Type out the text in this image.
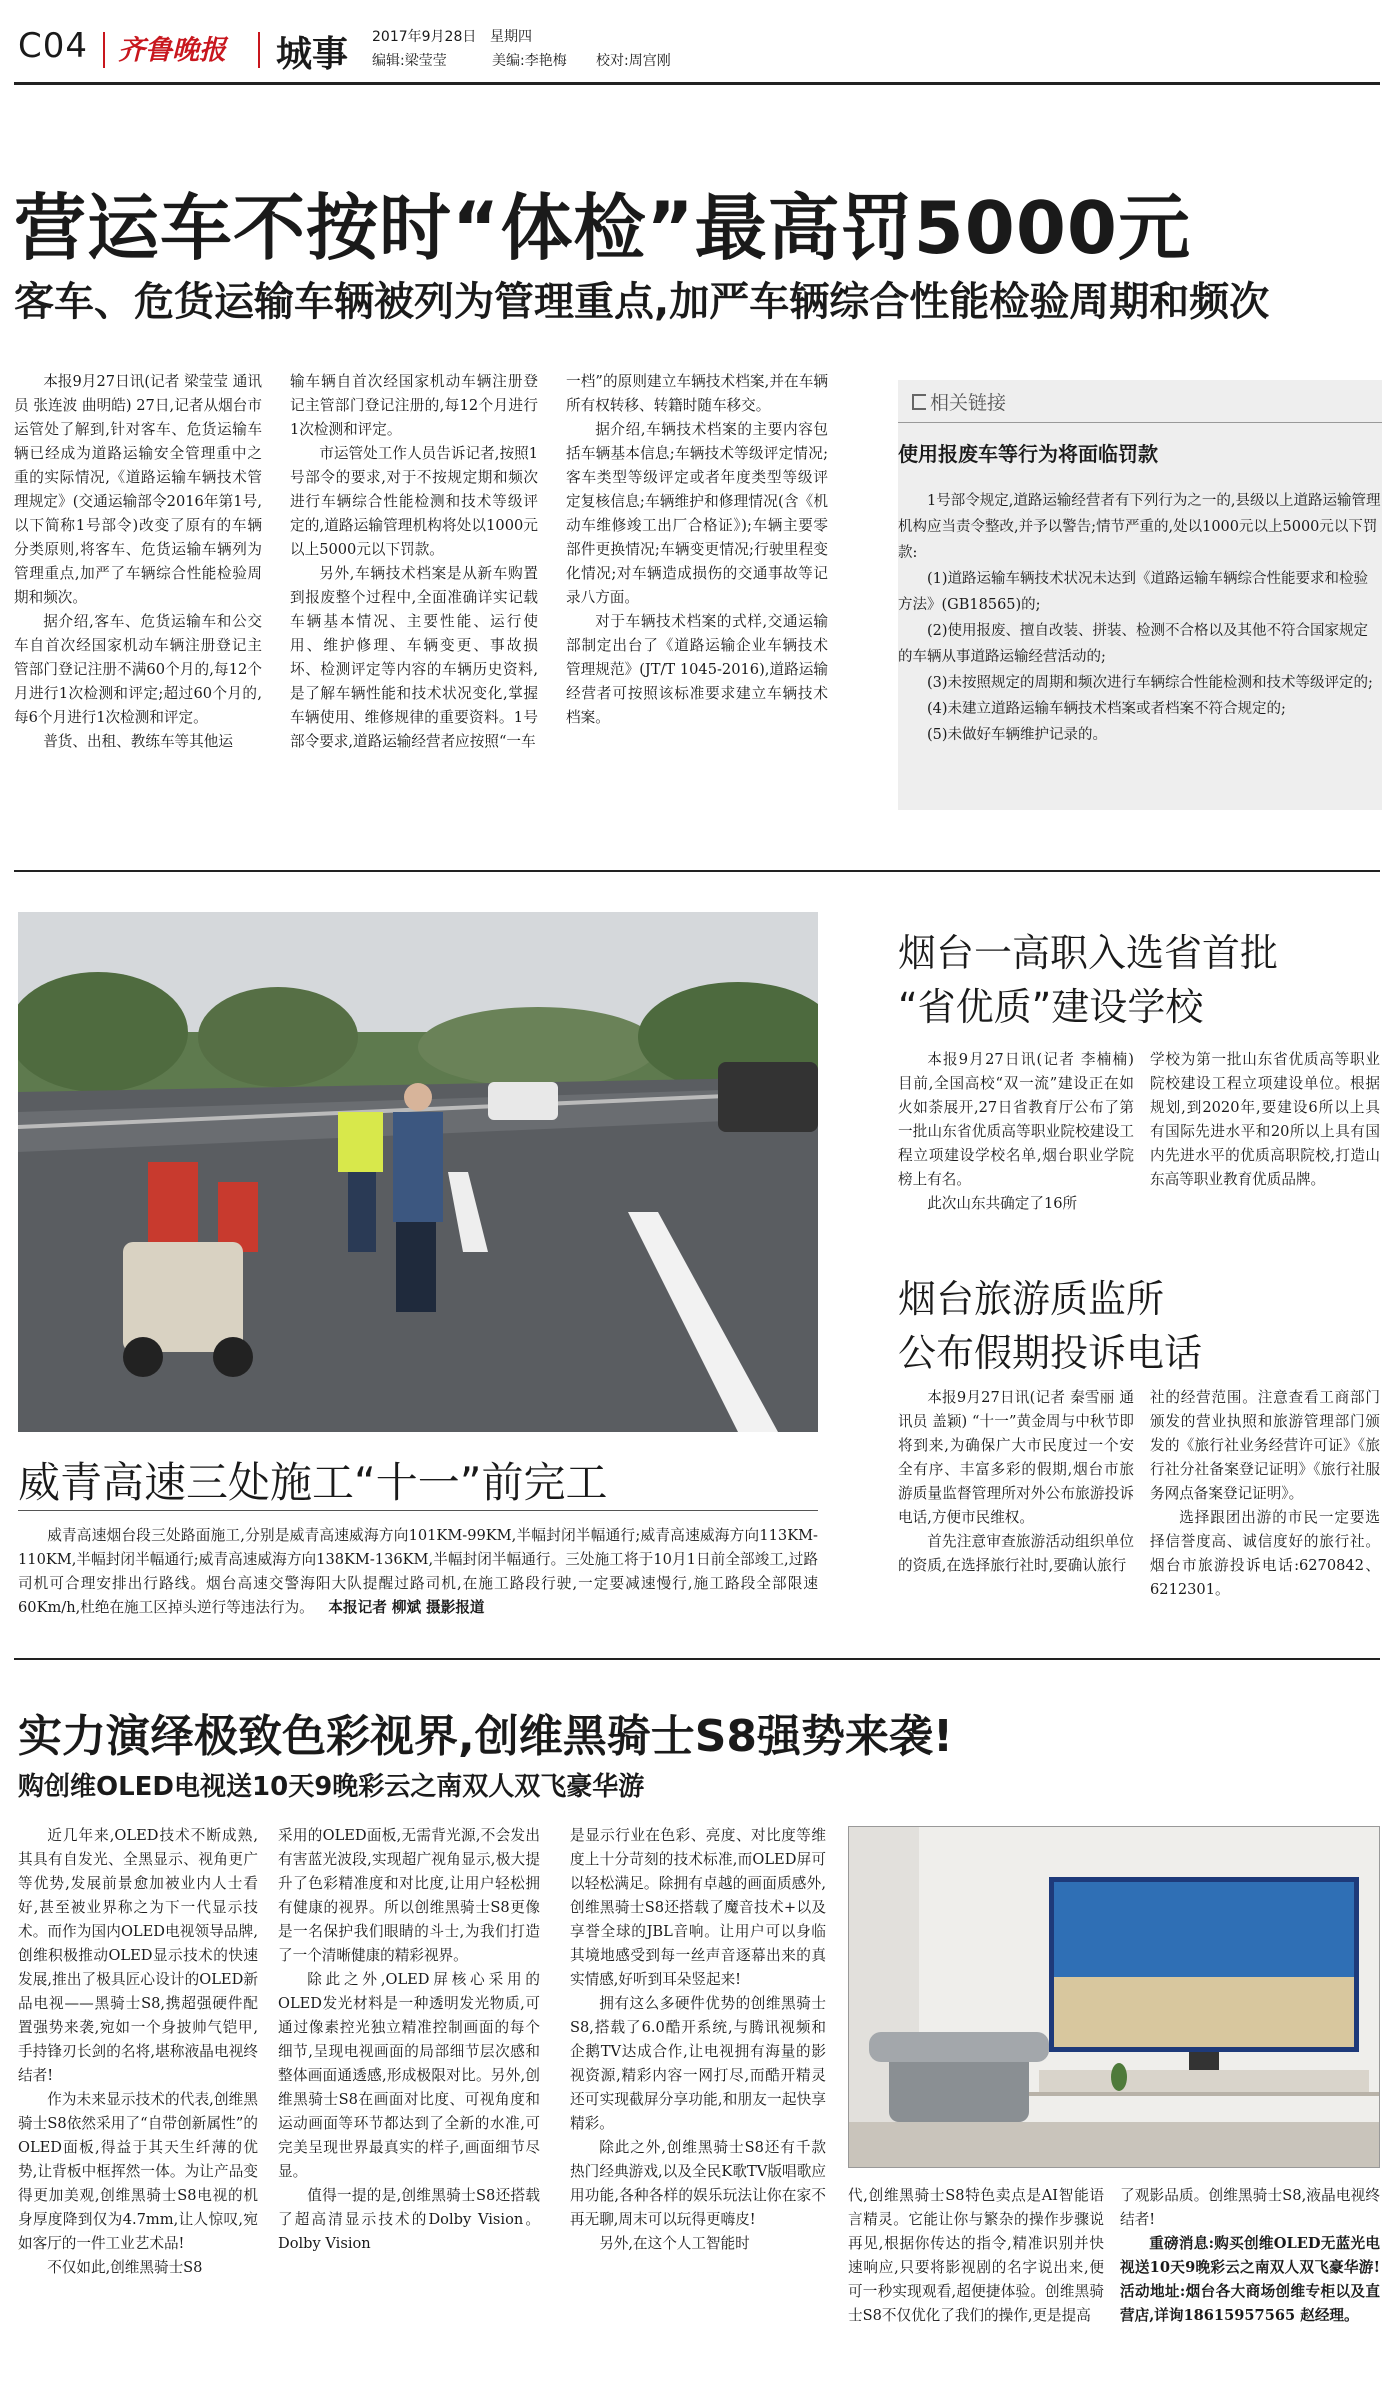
C04 齐鲁晚报 城事 2017年9月28日 星期四
编辑:梁莹莹	美编:李艳梅 校对:周宫刚
营运车不按时“体检”最高罚5000元
客车、危货运输车辆被列为管理重点,加严车辆综合性能检验周期和频次

本报9月27日讯(记者 梁莹莹 通讯员 张连波 曲明皓) 27日,记者从烟台市运管处了解到,针对客车、危货运输车辆已经成为道路运输安全管理重中之重的实际情况,《道路运输车辆技术管理规定》(交通运输部令2016年第1号,以下简称1号部令)改变了原有的车辆分类原则,将客车、危货运输车辆列为管理重点,加严了车辆综合性能检验周期和频次。

据介绍,客车、危货运输车和公交车自首次经国家机动车辆注册登记主管部门登记注册不满60个月的,每12个月进行1次检测和评定;超过60个月的,每6个月进行1次检测和评定。

普货、出租、教练车等其他运

输车辆自首次经国家机动车辆注册登记主管部门登记注册的,每12个月进行1次检测和评定。

市运管处工作人员告诉记者,按照1号部令的要求,对于不按规定期和频次进行车辆综合性能检测和技术等级评定的,道路运输管理机构将处以1000元以上5000元以下罚款。

另外,车辆技术档案是从新车购置到报废整个过程中,全面准确详实记载车辆基本情况、主要性能、运行使用、维护修理、车辆变更、事故损坏、检测评定等内容的车辆历史资料,是了解车辆性能和技术状况变化,掌握车辆使用、维修规律的重要资料。1号部令要求,道路运输经营者应按照“一车

一档”的原则建立车辆技术档案,并在车辆所有权转移、转籍时随车移交。

据介绍,车辆技术档案的主要内容包括车辆基本信息;车辆技术等级评定情况;客车类型等级评定或者年度类型等级评定复核信息;车辆维护和修理情况(含《机动车维修竣工出厂合格证》);车辆主要零部件更换情况;车辆变更情况;行驶里程变化情况;对车辆造成损伤的交通事故等记录八方面。

对于车辆技术档案的式样,交通运输部制定出台了《道路运输企业车辆技术管理规范》(JT/T 1045-2016),道路运输经营者可按照该标准要求建立车辆技术档案。

相关链接
使用报废车等行为将面临罚款

1号部令规定,道路运输经营者有下列行为之一的,县级以上道路运输管理机构应当责令整改,并予以警告;情节严重的,处以1000元以上5000元以下罚款:

(1)道路运输车辆技术状况未达到《道路运输车辆综合性能要求和检验方法》(GB18565)的;

(2)使用报废、擅自改装、拼装、检测不合格以及其他不符合国家规定的车辆从事道路运输经营活动的;

(3)未按照规定的周期和频次进行车辆综合性能检测和技术等级评定的;

(4)未建立道路运输车辆技术档案或者档案不符合规定的;

(5)未做好车辆维护记录的。

威青高速三处施工“十一”前完工

威青高速烟台段三处路面施工,分别是威青高速威海方向101KM-99KM,半幅封闭半幅通行;威青高速威海方向113KM-110KM,半幅封闭半幅通行;威青高速威海方向138KM-136KM,半幅封闭半幅通行。三处施工将于10月1日前全部竣工,过路司机可合理安排出行路线。烟台高速交警海阳大队提醒过路司机,在施工路段行驶,一定要减速慢行,施工路段全部限速60Km/h,杜绝在施工区掉头逆行等违法行为。 本报记者 柳斌 摄影报道

烟台一高职入选省首批
“省优质”建设学校

本报9月27日讯(记者 李楠楠) 目前,全国高校“双一流”建设正在如火如荼展开,27日省教育厅公布了第一批山东省优质高等职业院校建设工程立项建设学校名单,烟台职业学院榜上有名。

此次山东共确定了16所

学校为第一批山东省优质高等职业院校建设工程立项建设单位。根据规划,到2020年,要建设6所以上具有国际先进水平和20所以上具有国内先进水平的优质高职院校,打造山东高等职业教育优质品牌。

烟台旅游质监所
公布假期投诉电话

本报9月27日讯(记者 秦雪丽 通讯员 盖颖) “十一”黄金周与中秋节即将到来,为确保广大市民度过一个安全有序、丰富多彩的假期,烟台市旅游质量监督管理所对外公布旅游投诉电话,方便市民维权。

首先注意审查旅游活动组织单位的资质,在选择旅行社时,要确认旅行

社的经营范围。注意查看工商部门颁发的营业执照和旅游管理部门颁发的《旅行社业务经营许可证》《旅行社分社备案登记证明》《旅行社服务网点备案登记证明》。

选择跟团出游的市民一定要选择信誉度高、诚信度好的旅行社。烟台市旅游投诉电话:6270842、6212301。

实力演绎极致色彩视界,创维黑骑士S8强势来袭!
购创维OLED电视送10天9晚彩云之南双人双飞豪华游

近几年来,OLED技术不断成熟,其具有自发光、全黑显示、视角更广等优势,发展前景愈加被业内人士看好,甚至被业界称之为下一代显示技术。而作为国内OLED电视领导品牌,创维积极推动OLED显示技术的快速发展,推出了极具匠心设计的OLED新品电视——黑骑士S8,携超强硬件配置强势来袭,宛如一个身披帅气铠甲,手持锋刃长剑的名将,堪称液晶电视终结者!

作为未来显示技术的代表,创维黑骑士S8依然采用了“自带创新属性”的OLED面板,得益于其天生纤薄的优势,让背板中框挥然一体。为让产品变得更加美观,创维黑骑士S8电视的机身厚度降到仅为4.7mm,让人惊叹,宛如客厅的一件工业艺术品!

不仅如此,创维黑骑士S8

采用的OLED面板,无需背光源,不会发出有害蓝光波段,实现超广视角显示,极大提升了色彩精准度和对比度,让用户轻松拥有健康的视界。所以创维黑骑士S8更像是一名保护我们眼睛的斗士,为我们打造了一个清晰健康的精彩视界。

除此之外,OLED屏核心采用的OLED发光材料是一种透明发光物质,可通过像素控光独立精准控制画面的每个细节,呈现电视画面的局部细节层次感和整体画面通透感,形成极限对比。另外,创维黑骑士S8在画面对比度、可视角度和运动画面等环节都达到了全新的水准,可完美呈现世界最真实的样子,画面细节尽显。

值得一提的是,创维黑骑士S8还搭载了超高清显示技术的Dolby Vision。Dolby Vision

是显示行业在色彩、亮度、对比度等维度上十分苛刻的技术标准,而OLED屏可以轻松满足。除拥有卓越的画面质感外,创维黑骑士S8还搭载了魔音技术+以及享誉全球的JBL音响。让用户可以身临其境地感受到每一丝声音逐幕出来的真实情感,好听到耳朵竖起来!

拥有这么多硬件优势的创维黑骑士S8,搭载了6.0酷开系统,与腾讯视频和企鹅TV达成合作,让电视拥有海量的影视资源,精彩内容一网打尽,而酷开精灵还可实现截屏分享功能,和朋友一起快享精彩。

除此之外,创维黑骑士S8还有千款热门经典游戏,以及全民K歌TV版唱歌应用功能,各种各样的娱乐玩法让你在家不再无聊,周末可以玩得更嗨皮!

另外,在这个人工智能时

代,创维黑骑士S8特色卖点是AI智能语言精灵。它能让你与繁杂的操作步骤说再见,根据你传达的指令,精准识别并快速响应,只要将影视剧的名字说出来,便可一秒实现观看,超便捷体验。创维黑骑士S8不仅优化了我们的操作,更是提高

了观影品质。创维黑骑士S8,液晶电视终结者!

重磅消息:购买创维OLED无蓝光电视送10天9晚彩云之南双人双飞豪华游!活动地址:烟台各大商场创维专柜以及直营店,详询18615957565 赵经理。
